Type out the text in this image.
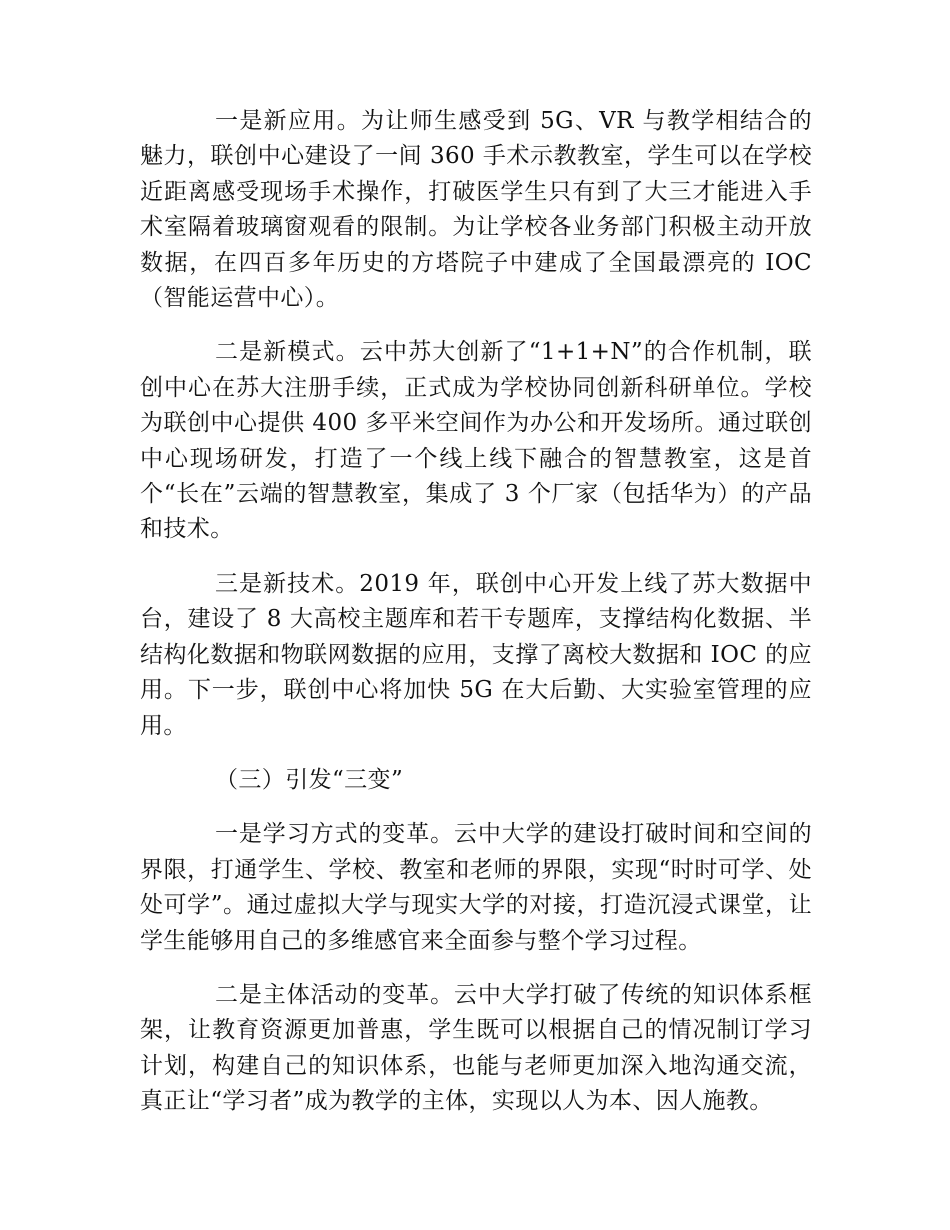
一是新应用。为让师生感受到 5G、VR 与教学相结合的魅力，联创中心建设了一间 360 手术示教教室，学生可以在学校近距离感受现场手术操作，打破医学生只有到了大三才能进入手术室隔着玻璃窗观看的限制。为让学校各业务部门积极主动开放数据，在四百多年历史的方塔院子中建成了全国最漂亮的 IOC（智能运营中心）。

二是新模式。云中苏大创新了“1+1+N”的合作机制，联创中心在苏大注册手续，正式成为学校协同创新科研单位。学校为联创中心提供 400 多平米空间作为办公和开发场所。通过联创中心现场研发，打造了一个线上线下融合的智慧教室，这是首个“长在”云端的智慧教室，集成了 3 个厂家（包括华为）的产品和技术。

三是新技术。2019 年，联创中心开发上线了苏大数据中台，建设了 8 大高校主题库和若干专题库，支撑结构化数据、半结构化数据和物联网数据的应用，支撑了离校大数据和 IOC 的应用。下一步，联创中心将加快 5G 在大后勤、大实验室管理的应用。

（三）引发“三变”

一是学习方式的变革。云中大学的建设打破时间和空间的界限，打通学生、学校、教室和老师的界限，实现“时时可学、处处可学”。通过虚拟大学与现实大学的对接，打造沉浸式课堂，让学生能够用自己的多维感官来全面参与整个学习过程。

二是主体活动的变革。云中大学打破了传统的知识体系框架，让教育资源更加普惠，学生既可以根据自己的情况制订学习计划，构建自己的知识体系，也能与老师更加深入地沟通交流，真正让“学习者”成为教学的主体，实现以人为本、因人施教。
